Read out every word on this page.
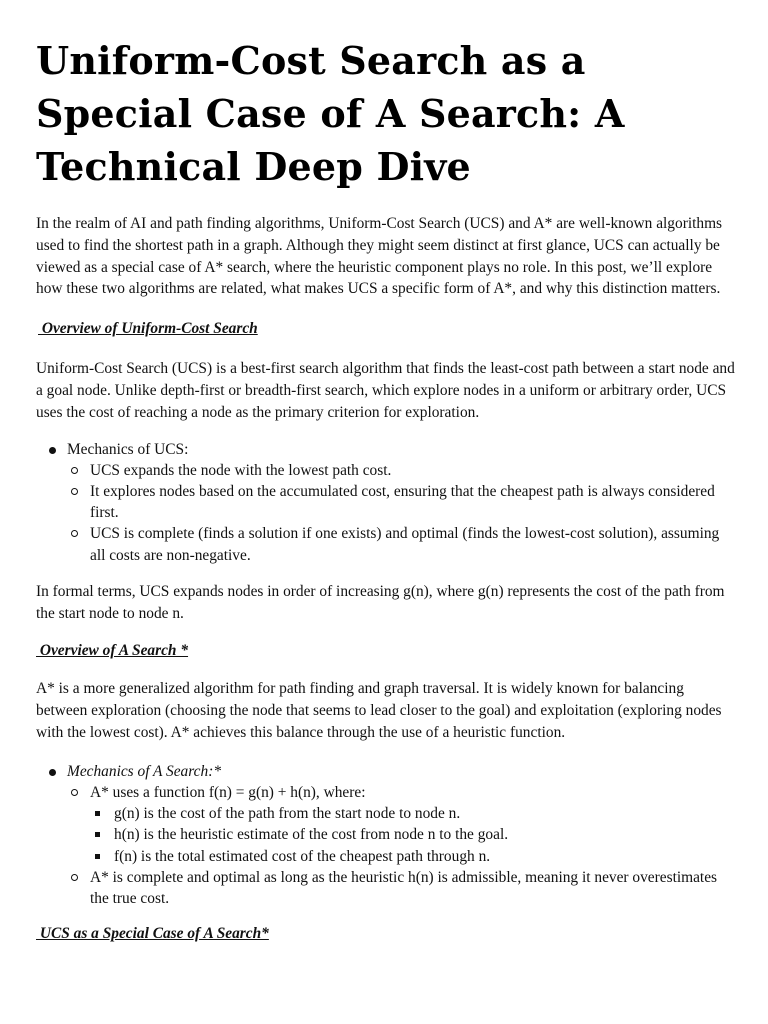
Uniform-Cost Search as a Special Case of A Search: A Technical Deep Dive

In the realm of AI and path finding algorithms, Uniform-Cost Search (UCS) and A* are well-known algorithms used to find the shortest path in a graph. Although they might seem distinct at first glance, UCS can actually be viewed as a special case of A* search, where the heuristic component plays no role. In this post, we’ll explore how these two algorithms are related, what makes UCS a specific form of A*, and why this distinction matters.

Overview of Uniform-Cost Search

Uniform-Cost Search (UCS) is a best-first search algorithm that finds the least-cost path between a start node and a goal node. Unlike depth-first or breadth-first search, which explore nodes in a uniform or arbitrary order, UCS uses the cost of reaching a node as the primary criterion for exploration.

Mechanics of UCS:
UCS expands the node with the lowest path cost.
It explores nodes based on the accumulated cost, ensuring that the cheapest path is always considered first.
UCS is complete (finds a solution if one exists) and optimal (finds the lowest-cost solution), assuming all costs are non-negative.

In formal terms, UCS expands nodes in order of increasing g(n), where g(n) represents the cost of the path from the start node to node n.

Overview of A Search *

A* is a more generalized algorithm for path finding and graph traversal. It is widely known for balancing between exploration (choosing the node that seems to lead closer to the goal) and exploitation (exploring nodes with the lowest cost). A* achieves this balance through the use of a heuristic function.

Mechanics of A Search:*
A* uses a function f(n) = g(n) + h(n), where:
g(n) is the cost of the path from the start node to node n.
h(n) is the heuristic estimate of the cost from node n to the goal.
f(n) is the total estimated cost of the cheapest path through n.
A* is complete and optimal as long as the heuristic h(n) is admissible, meaning it never overestimates the true cost.
UCS as a Special Case of A Search*
